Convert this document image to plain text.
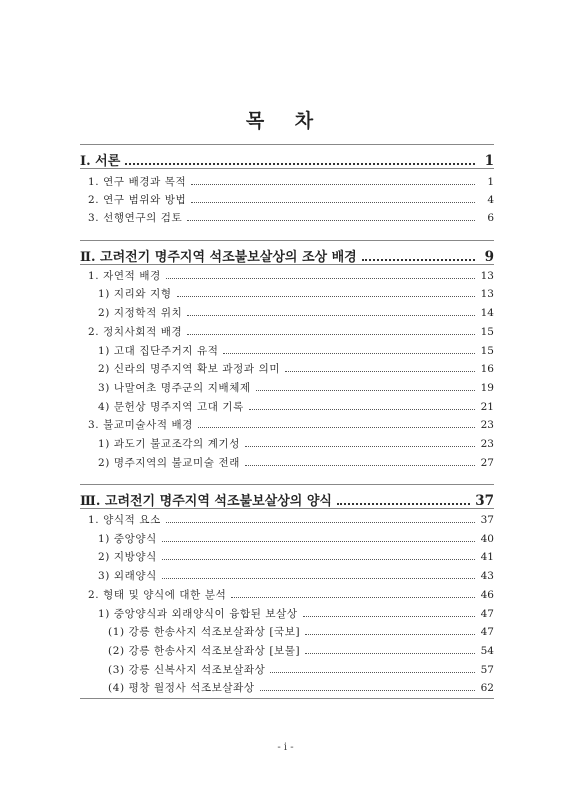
목 차
Ⅰ. 서론	1
1. 연구 배경과 목적	1
2. 연구 범위와 방법	4
3. 선행연구의 검토	6
Ⅱ. 고려전기 명주지역 석조불보살상의 조상 배경	9
1. 자연적 배경	13
1) 지리와 지형	13
2) 지정학적 위치	14
2. 정치사회적 배경	15
1) 고대 집단주거지 유적	15
2) 신라의 명주지역 확보 과정과 의미	16
3) 나말여초 명주군의 지배체제	19
4) 문헌상 명주지역 고대 기록	21
3. 불교미술사적 배경	23
1) 과도기 불교조각의 계기성	23
2) 명주지역의 불교미술 전래	27
Ⅲ. 고려전기 명주지역 석조불보살상의 양식	37
1. 양식적 요소	37
1) 중앙양식	40
2) 지방양식	41
3) 외래양식	43
2. 형태 및 양식에 대한 분석	46
1) 중앙양식과 외래양식이 융합된 보살상	47
(1) 강릉 한송사지 석조보살좌상 [국보]	47
(2) 강릉 한송사지 석조보살좌상 [보물]	54
(3) 강릉 신복사지 석조보살좌상	57
(4) 평창 월정사 석조보살좌상	62
- i -
